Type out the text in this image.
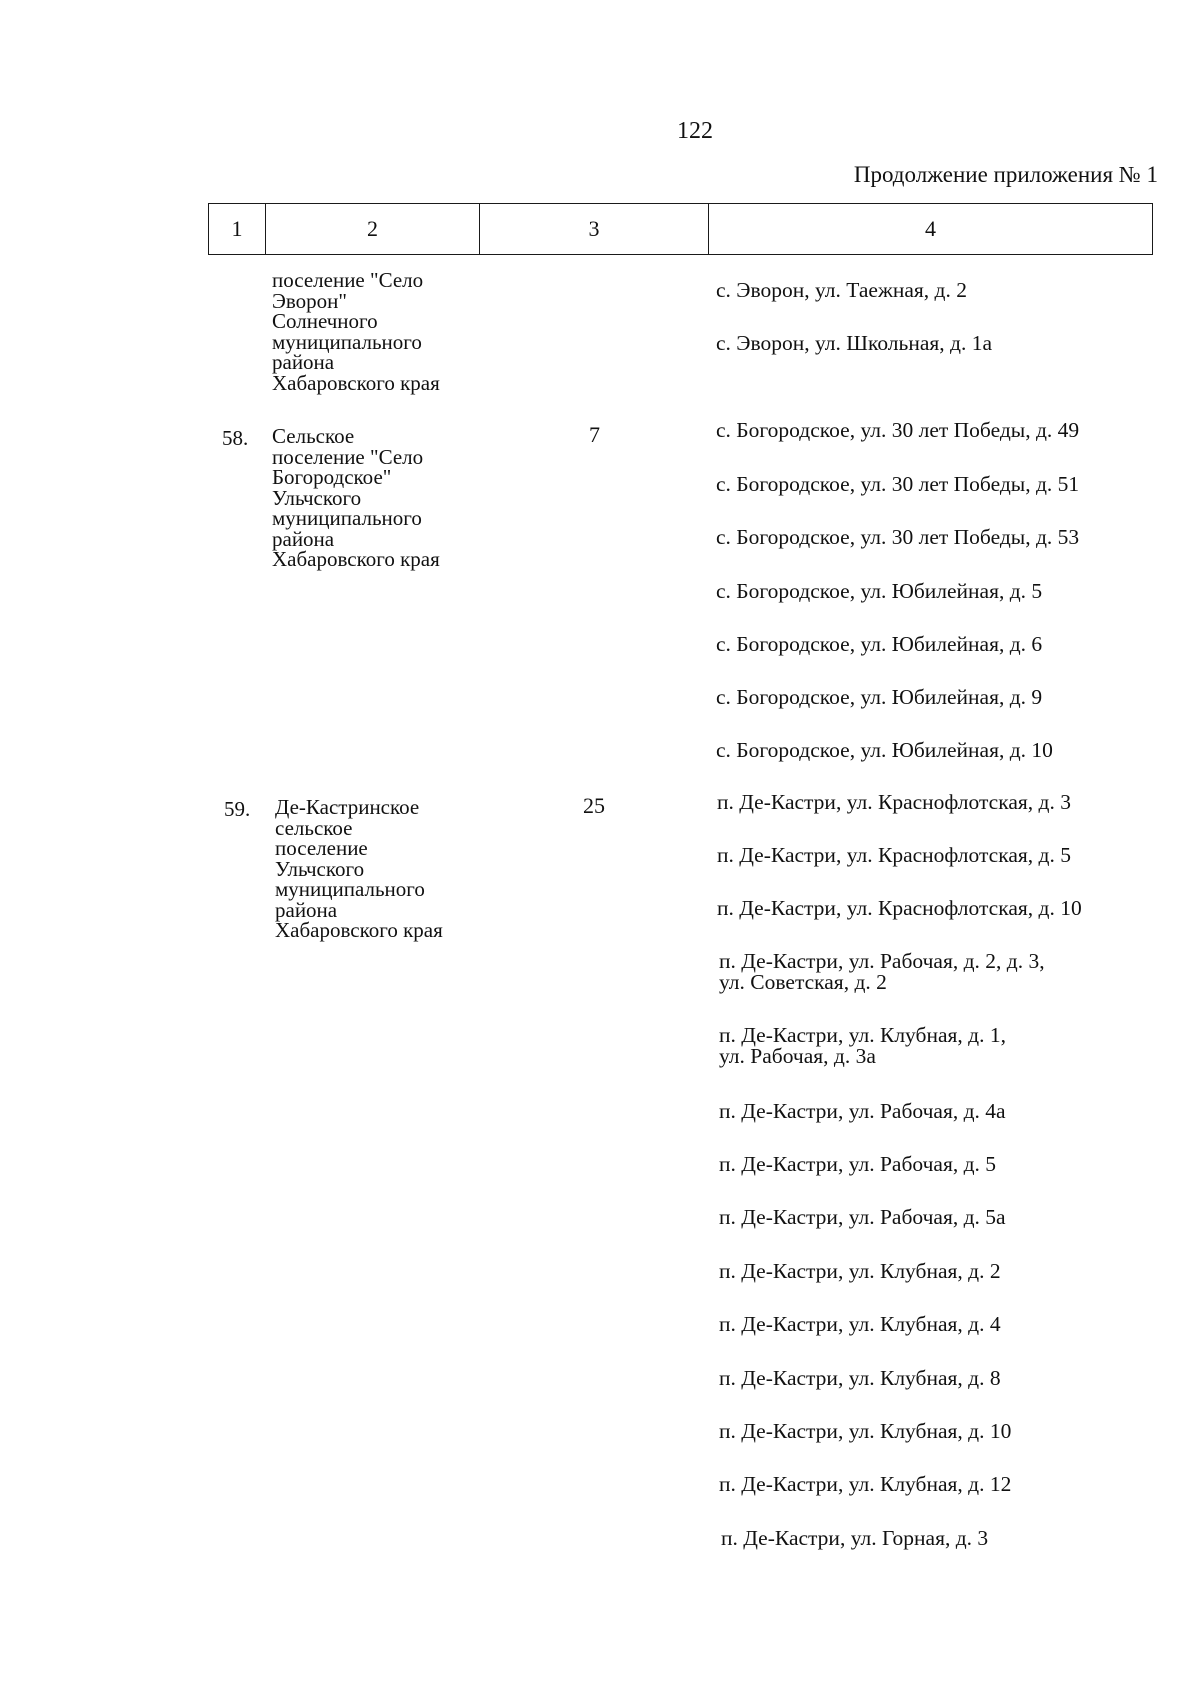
122
Продолжение приложения № 1
1	2	3	4
поселение "Село
Эворон"
Солнечного
муниципального
района
Хабаровского края
с. Эворон, ул. Таежная, д. 2
с. Эворон, ул. Школьная, д. 1а
58. Сельское
поселение "Село
Богородское"
Ульчского
муниципального
района
Хабаровского края
7	с. Богородское, ул. 30 лет Победы, д. 49
с. Богородское, ул. 30 лет Победы, д. 51
с. Богородское, ул. 30 лет Победы, д. 53
с. Богородское, ул. Юбилейная, д. 5
с. Богородское, ул. Юбилейная, д. 6
с. Богородское, ул. Юбилейная, д. 9
с. Богородское, ул. Юбилейная, д. 10
59. Де-Кастринское
сельское
поселение
Ульчского
муниципального
района
Хабаровского края
25	п. Де-Кастри, ул. Краснофлотская, д. 3
п. Де-Кастри, ул. Краснофлотская, д. 5
п. Де-Кастри, ул. Краснофлотская, д. 10
п. Де-Кастри, ул. Рабочая, д. 2, д. 3,
ул. Советская, д. 2
п. Де-Кастри, ул. Клубная, д. 1,
ул. Рабочая, д. 3а
п. Де-Кастри, ул. Рабочая, д. 4а
п. Де-Кастри, ул. Рабочая, д. 5
п. Де-Кастри, ул. Рабочая, д. 5а
п. Де-Кастри, ул. Клубная, д. 2
п. Де-Кастри, ул. Клубная, д. 4
п. Де-Кастри, ул. Клубная, д. 8
п. Де-Кастри, ул. Клубная, д. 10
п. Де-Кастри, ул. Клубная, д. 12
п. Де-Кастри, ул. Горная, д. 3
